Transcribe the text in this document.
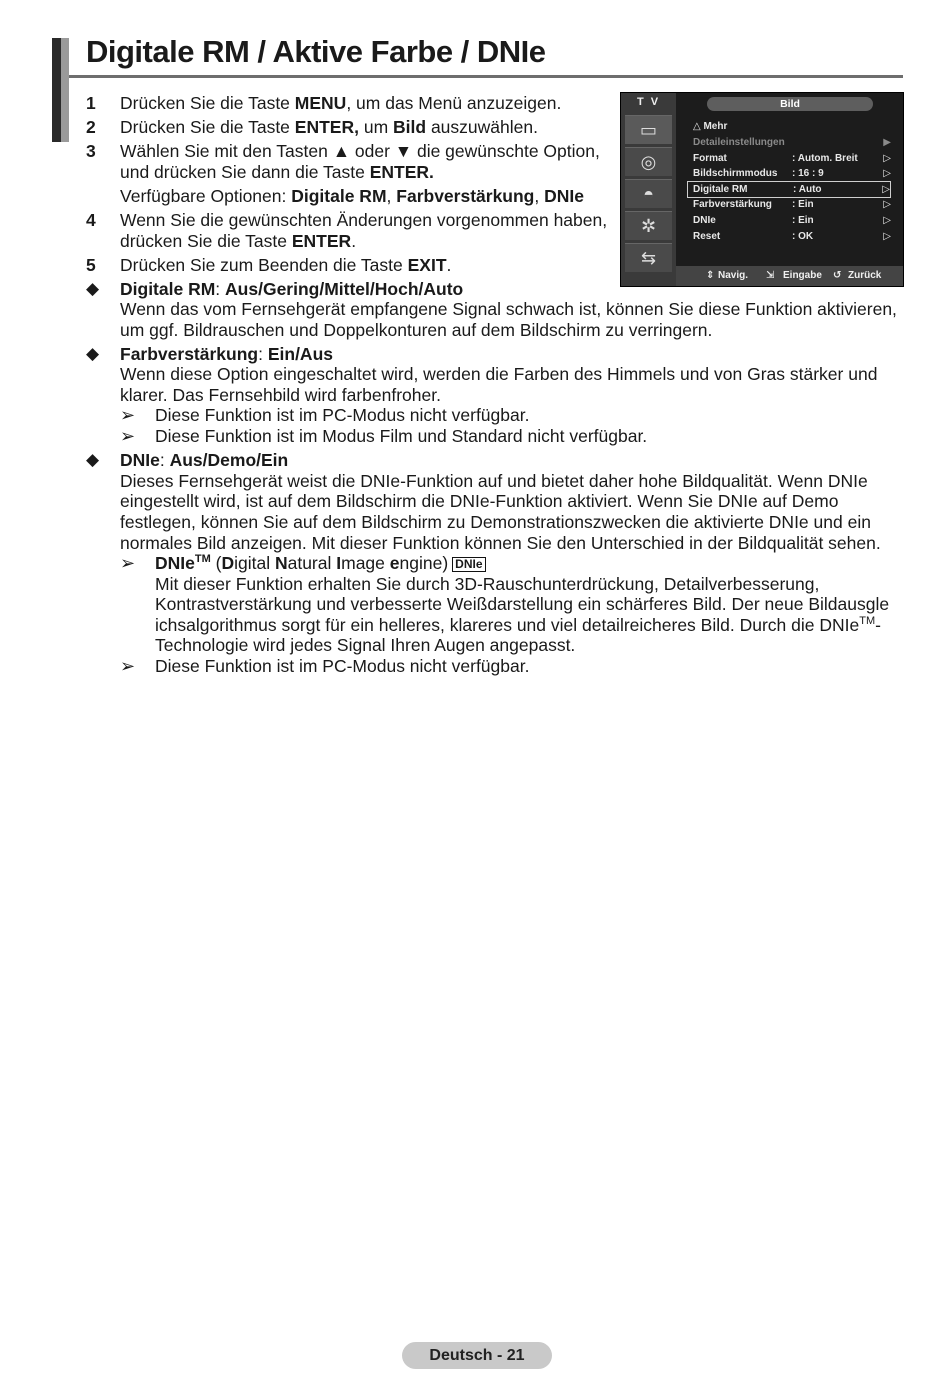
Digitale RM / Aktive Farbe / DNIe
1 Drücken Sie die Taste MENU, um das Menü anzuzeigen.
2 Drücken Sie die Taste ENTER, um Bild auszuwählen.
3 Wählen Sie mit den Tasten ▲ oder ▼ die gewünschte Option,
und drücken Sie dann die Taste ENTER.
Verfügbare Optionen: Digitale RM, Farbverstärkung, DNIe
4 Wenn Sie die gewünschten Änderungen vorgenommen haben,
drücken Sie die Taste ENTER.
5 Drücken Sie zum Beenden die Taste EXIT.
◆ Digitale RM: Aus/Gering/Mittel/Hoch/Auto
Wenn das vom Fernsehgerät empfangene Signal schwach ist, können Sie diese Funktion aktivieren,
um ggf. Bildrauschen und Doppelkonturen auf dem Bildschirm zu verringern.
◆ Farbverstärkung: Ein/Aus
Wenn diese Option eingeschaltet wird, werden die Farben des Himmels und von Gras stärker und
klarer. Das Fernsehbild wird farbenfroher.
➢ Diese Funktion ist im PC-Modus nicht verfügbar.
➢ Diese Funktion ist im Modus Film und Standard nicht verfügbar.
◆ DNIe: Aus/Demo/Ein
Dieses Fernsehgerät weist die DNIe-Funktion auf und bietet daher hohe Bildqualität. Wenn DNIe
eingestellt wird, ist auf dem Bildschirm die DNIe-Funktion aktiviert. Wenn Sie DNIe auf Demo
festlegen, können Sie auf dem Bildschirm zu Demonstrationszwecken die aktivierte DNIe und ein
normales Bild anzeigen. Mit dieser Funktion können Sie den Unterschied in der Bildqualität sehen.
➢ DNIe™ (Digital Natural Image engine) DNIe
Mit dieser Funktion erhalten Sie durch 3D-Rauschunterdrückung, Detailverbesserung,
Kontrastverstärkung und verbesserte Weißdarstellung ein schärferes Bild. Der neue Bildausgle
ichsalgorithmus sorgt für ein helleres, klareres und viel detailreicheres Bild. Durch die DNIe™-
Technologie wird jedes Signal Ihren Augen angepasst.
➢ Diese Funktion ist im PC-Modus nicht verfügbar.
T V
▭
◎
◓
✲
⇆
Bild
△ Mehr
Detaileinstellungen	▶
Format	: Autom. Breit	▷
Bildschirmmodus : 16 : 9	▷
Digitale RM	: Auto	▷
Farbverstärkung : Ein	▷
DNIe	: Ein	▷
Reset	: OK	▷
⇕ Navig. ⇲ Eingabe ↺ Zurück
Deutsch - 21
